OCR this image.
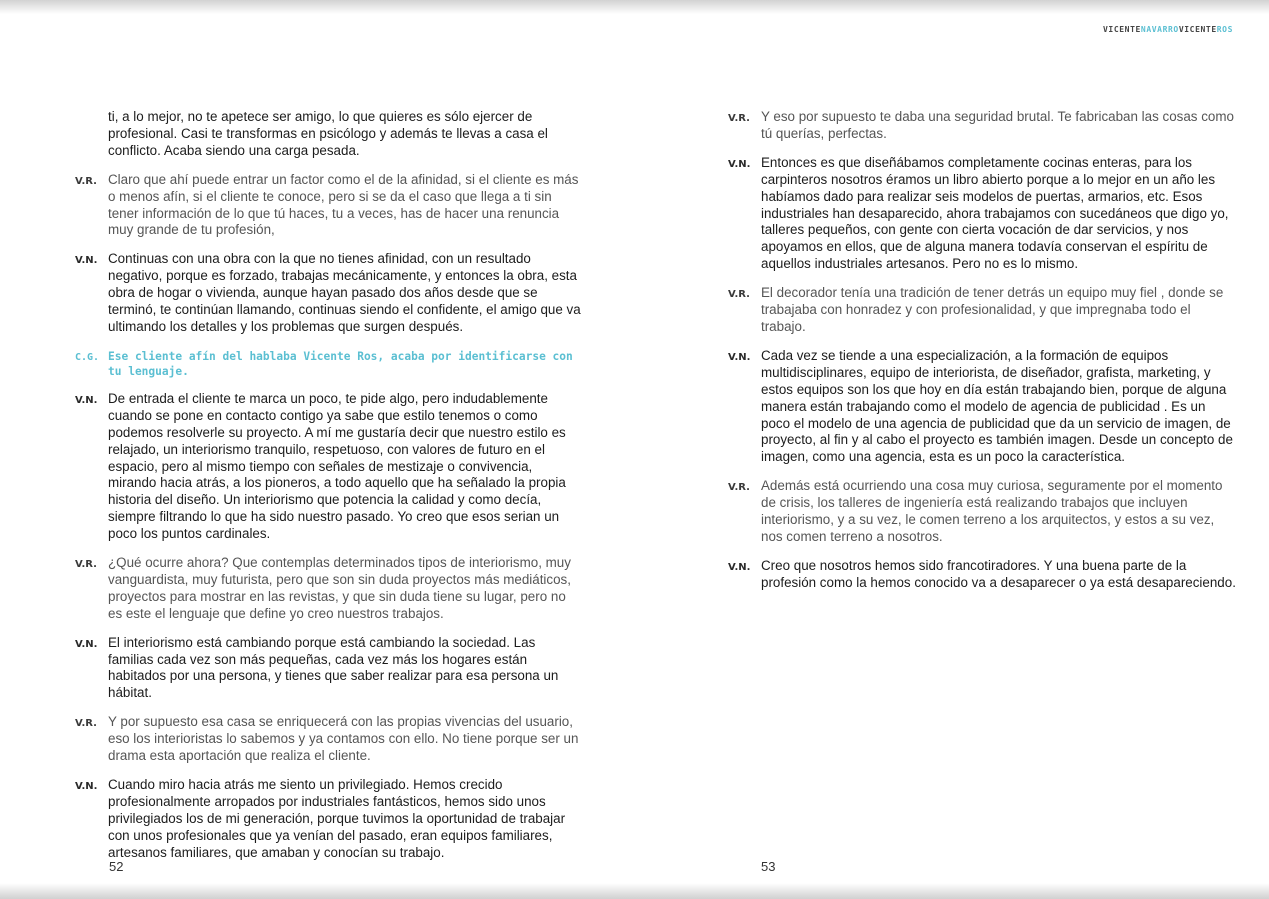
VICENTENAVARROVICENTEROS

ti, a lo mejor, no te apetece ser amigo, lo que quieres es sólo ejercer de profesional. Casi te transformas en psicólogo y además te llevas a casa el conflicto. Acaba siendo una carga pesada.

V.R. Claro que ahí puede entrar un factor como el de la afinidad, si el cliente es más o menos afín, si el cliente te conoce, pero si se da el caso que llega a ti sin tener información de lo que tú haces, tu a veces, has de hacer una renuncia muy grande de tu profesión,

V.N. Continuas con una obra con la que no tienes afinidad, con un resultado negativo, porque es forzado, trabajas mecánicamente, y entonces la obra, esta obra de hogar o vivienda, aunque hayan pasado dos años desde que se terminó, te continúan llamando, continuas siendo el confidente, el amigo que va ultimando los detalles y los problemas que surgen después.

C.G. Ese cliente afín del hablaba Vicente Ros, acaba por identificarse con tu lenguaje.

V.N. De entrada el cliente te marca un poco, te pide algo, pero indudablemente cuando se pone en contacto contigo ya sabe que estilo tenemos o como podemos resolverle su proyecto. A mí me gustaría decir que nuestro estilo es relajado, un interiorismo tranquilo, respetuoso, con valores de futuro en el espacio, pero al mismo tiempo con señales de mestizaje o convivencia, mirando hacia atrás, a los pioneros, a todo aquello que ha señalado la propia historia del diseño. Un interiorismo que potencia la calidad y como decía, siempre filtrando lo que ha sido nuestro pasado. Yo creo que esos serian un poco los puntos cardinales.

V.R. ¿Qué ocurre ahora? Que contemplas determinados tipos de interiorismo, muy vanguardista, muy futurista, pero que son sin duda proyectos más mediáticos, proyectos para mostrar en las revistas, y que sin duda tiene su lugar, pero no es este el lenguaje que define yo creo nuestros trabajos.

V.N. El interiorismo está cambiando porque está cambiando la sociedad. Las familias cada vez son más pequeñas, cada vez más los hogares están habitados por una persona, y tienes que saber realizar para esa persona un hábitat.

V.R. Y por supuesto esa casa se enriquecerá con las propias vivencias del usuario, eso los interioristas lo sabemos y ya contamos con ello. No tiene porque ser un drama esta aportación que realiza el cliente.

V.N. Cuando miro hacia atrás me siento un privilegiado. Hemos crecido profesionalmente arropados por industriales fantásticos, hemos sido unos privilegiados los de mi generación, porque tuvimos la oportunidad de trabajar con unos profesionales que ya venían del pasado, eran equipos familiares, artesanos familiares, que amaban y conocían su trabajo.

V.R. Y eso por supuesto te daba una seguridad brutal. Te fabricaban las cosas como tú querías, perfectas.

V.N. Entonces es que diseñábamos completamente cocinas enteras, para los carpinteros nosotros éramos un libro abierto porque a lo mejor en un año les habíamos dado para realizar seis modelos de puertas, armarios, etc. Esos industriales han desaparecido, ahora trabajamos con sucedáneos que digo yo, talleres pequeños, con gente con cierta vocación de dar servicios, y nos apoyamos en ellos, que de alguna manera todavía conservan el espíritu de aquellos industriales artesanos. Pero no es lo mismo.

V.R. El decorador tenía una tradición de tener detrás un equipo muy fiel , donde se trabajaba con honradez y con profesionalidad, y que impregnaba todo el trabajo.

V.N. Cada vez se tiende a una especialización, a la formación de equipos multidisciplinares, equipo de interiorista, de diseñador, grafista, marketing, y estos equipos son los que hoy en día están trabajando bien, porque de alguna manera están trabajando como el modelo de agencia de publicidad . Es un poco el modelo de una agencia de publicidad que da un servicio de imagen, de proyecto, al fin y al cabo el proyecto es también imagen. Desde un concepto de imagen, como una agencia, esta es un poco la característica.

V.R. Además está ocurriendo una cosa muy curiosa, seguramente por el momento de crisis, los talleres de ingeniería está realizando trabajos que incluyen interiorismo, y a su vez, le comen terreno a los arquitectos, y estos a su vez, nos comen terreno a nosotros.

V.N. Creo que nosotros hemos sido francotiradores. Y una buena parte de la profesión como la hemos conocido va a desaparecer o ya está desapareciendo.

52	53
